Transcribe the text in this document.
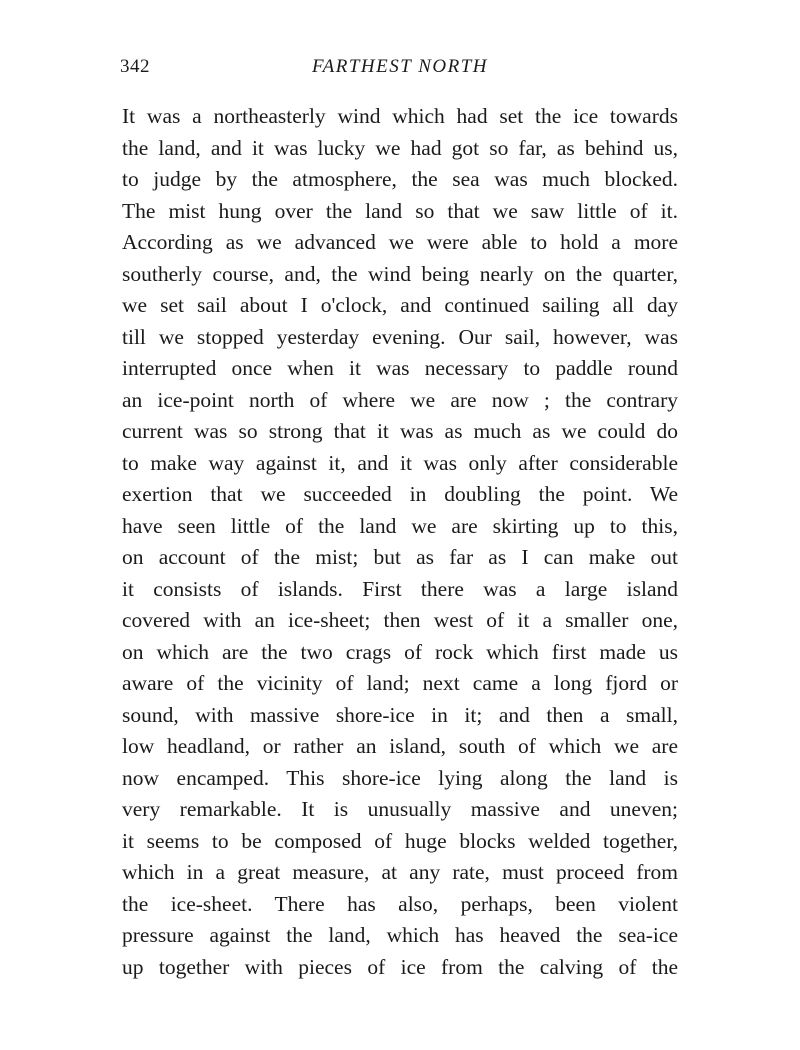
342	FARTHEST NORTH
It was a northeasterly wind which had set the ice towards
the land, and it was lucky we had got so far, as behind us,
to judge by the atmosphere, the sea was much blocked.
The mist hung over the land so that we saw little of it.
According as we advanced we were able to hold a more
southerly course, and, the wind being nearly on the quarter,
we set sail about I o'clock, and continued sailing all day
till we stopped yesterday evening. Our sail, however, was
interrupted once when it was necessary to paddle round
an ice-point north of where we are now ; the contrary
current was so strong that it was as much as we could do
to make way against it, and it was only after considerable
exertion that we succeeded in doubling the point. We
have seen little of the land we are skirting up to this,
on account of the mist; but as far as I can make out
it consists of islands. First there was a large island
covered with an ice-sheet; then west of it a smaller one,
on which are the two crags of rock which first made us
aware of the vicinity of land; next came a long fjord or
sound, with massive shore-ice in it; and then a small,
low headland, or rather an island, south of which we are
now encamped. This shore-ice lying along the land is
very remarkable. It is unusually massive and uneven;
it seems to be composed of huge blocks welded together,
which in a great measure, at any rate, must proceed from
the ice-sheet. There has also, perhaps, been violent
pressure against the land, which has heaved the sea-ice
up together with pieces of ice from the calving of the
